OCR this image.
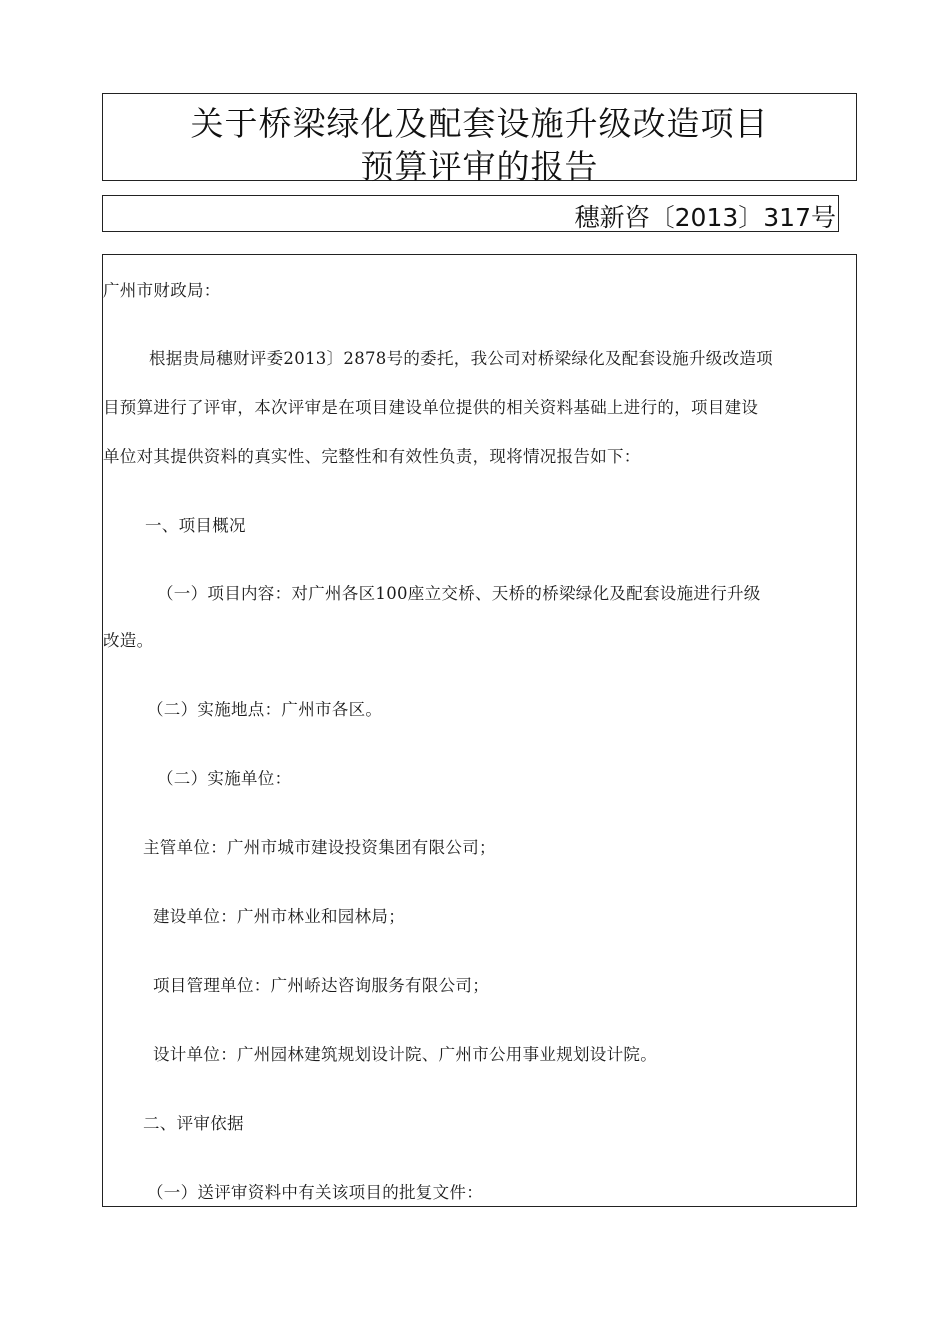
关于桥梁绿化及配套设施升级改造项目
预算评审的报告
穗新咨〔2013〕317号
广州市财政局：
根据贵局穗财评委2013〕2878号的委托，我公司对桥梁绿化及配套设施升级改造项
目预算进行了评审，本次评审是在项目建设单位提供的相关资料基础上进行的，项目建设
单位对其提供资料的真实性、完整性和有效性负责，现将情况报告如下：
一、项目概况
（一）项目内容：对广州各区100座立交桥、天桥的桥梁绿化及配套设施进行升级
改造。
（二）实施地点：广州市各区。
（二）实施单位：
主管单位：广州市城市建设投资集团有限公司；
建设单位：广州市林业和园林局；
项目管理单位：广州峤达咨询服务有限公司；
设计单位：广州园林建筑规划设计院、广州市公用事业规划设计院。
二、评审依据
（一）送评审资料中有关该项目的批复文件：
